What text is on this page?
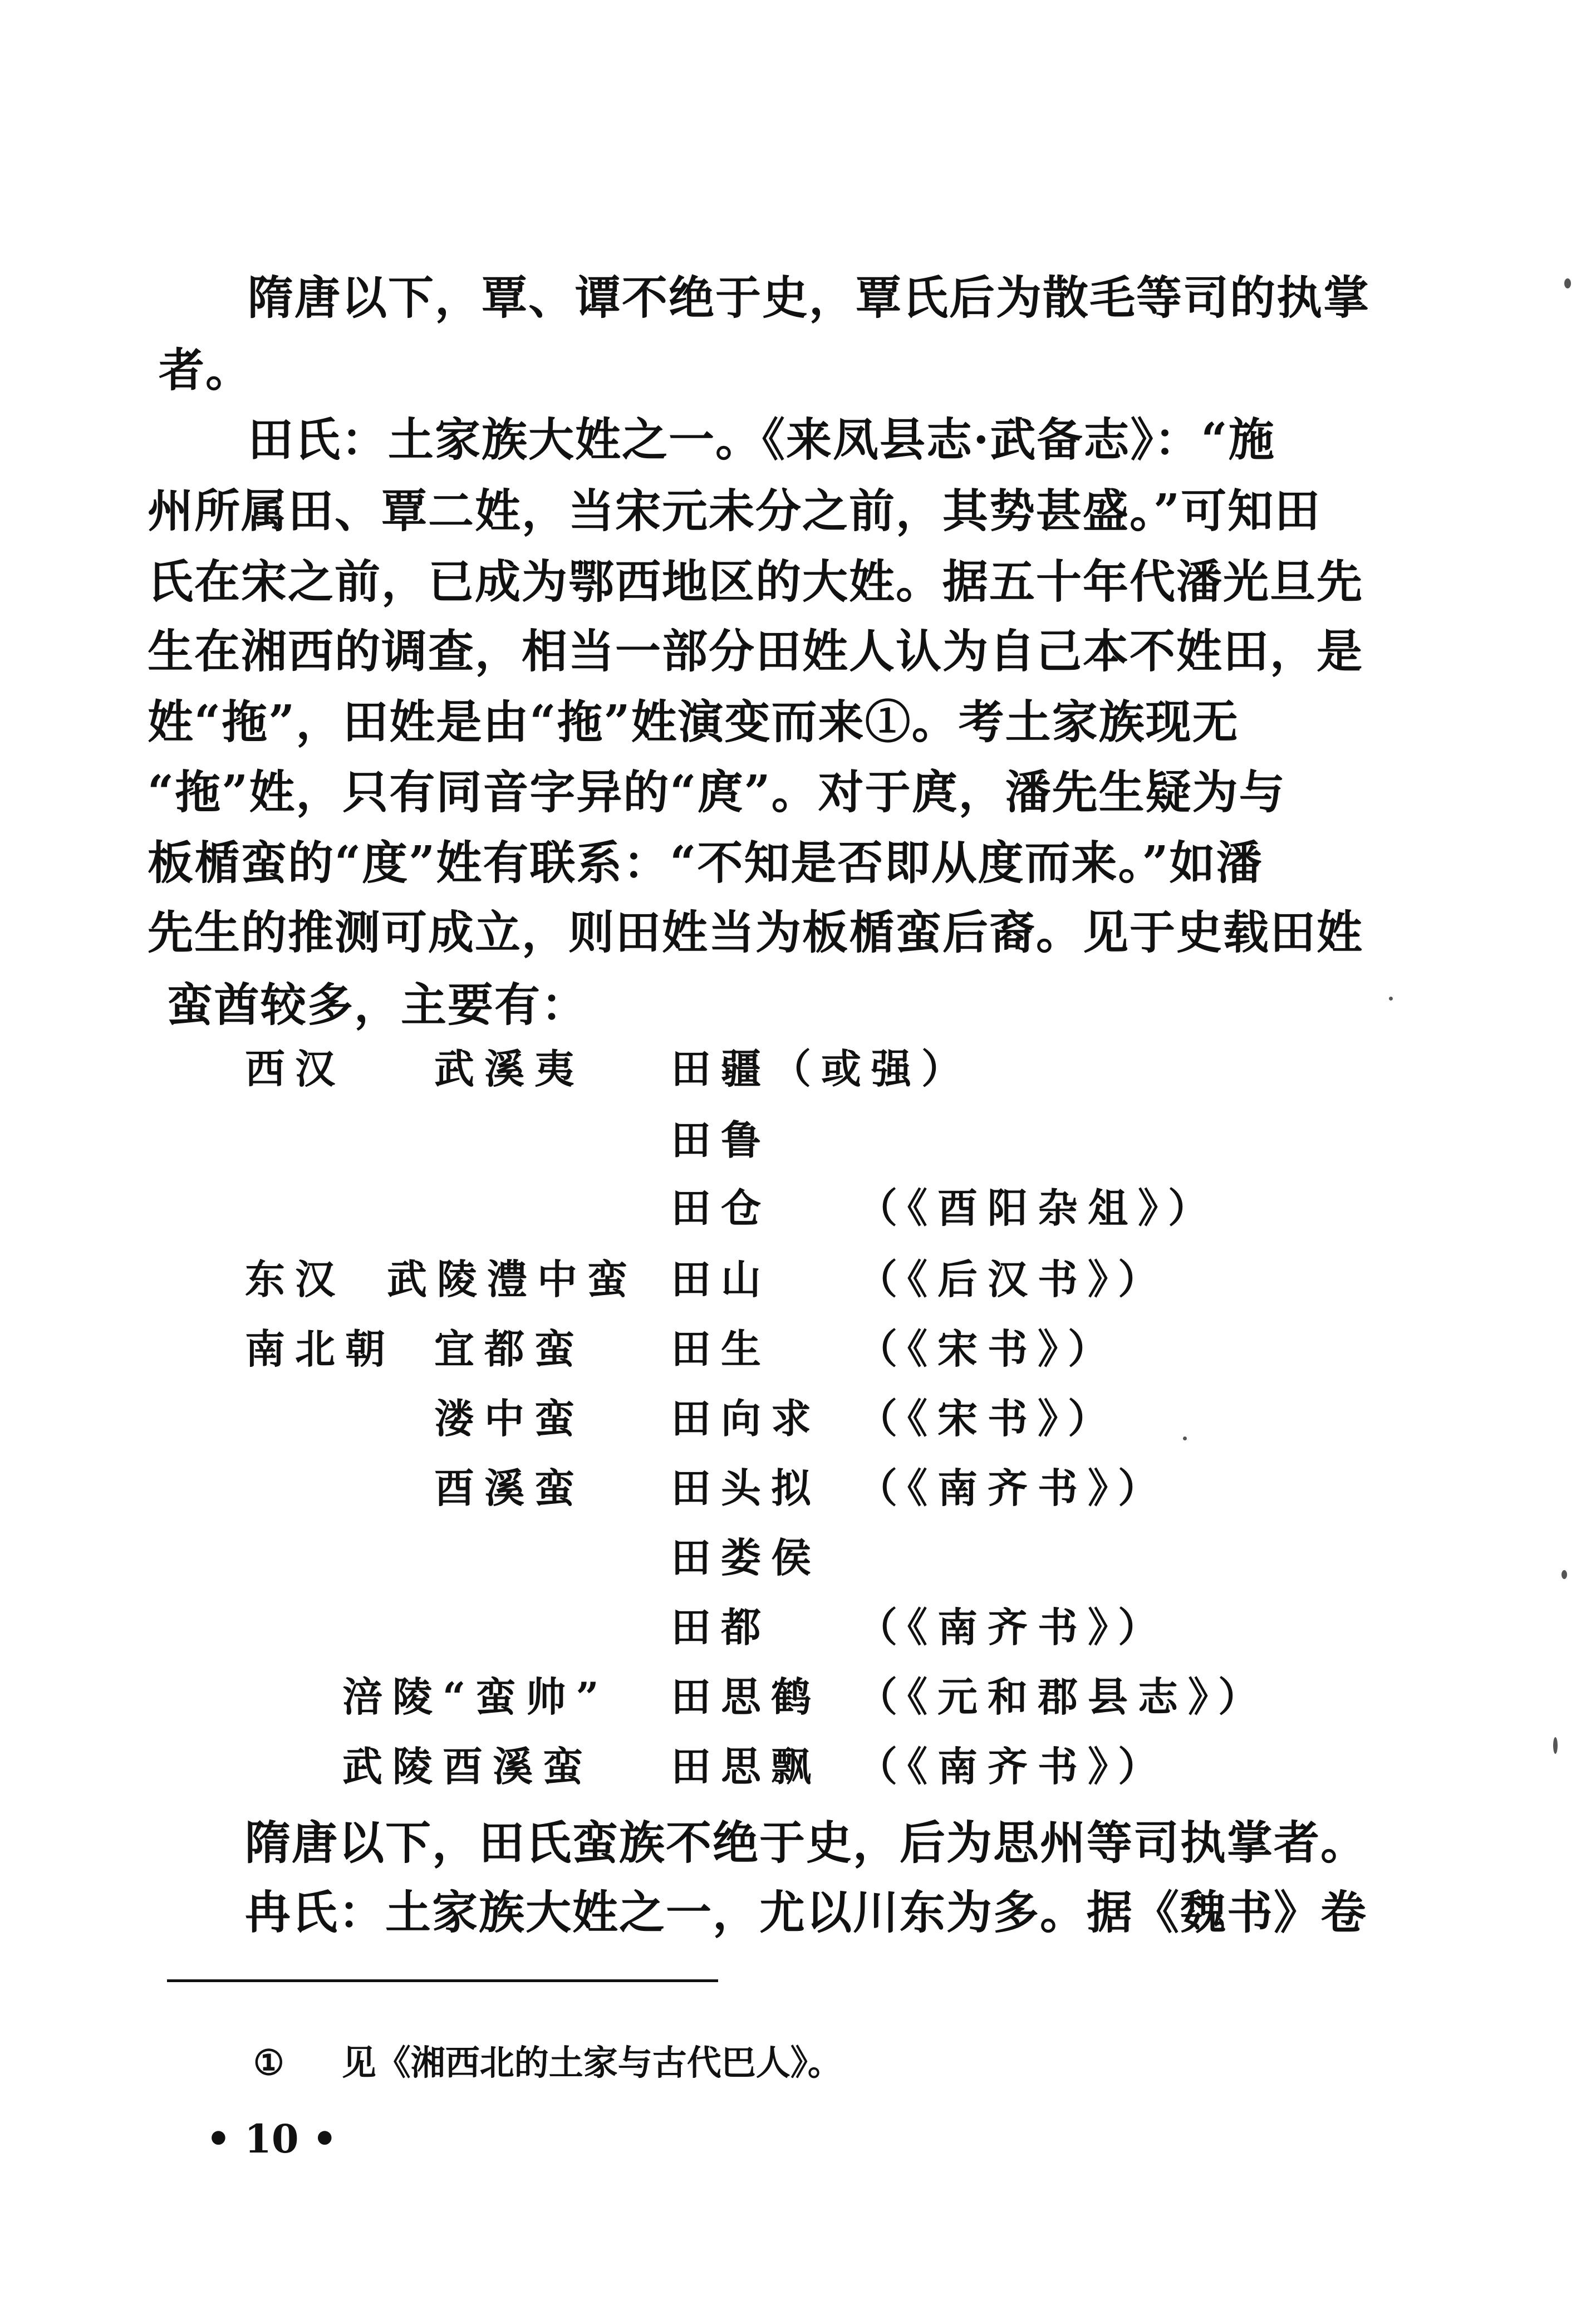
隋唐以下，覃、谭不绝于史，覃氏后为散毛等司的执掌
者。
田氏：土家族大姓之一。《来凤县志·武备志》：“施
州所属田、覃二姓，当宋元未分之前，其势甚盛。”可知田
氏在宋之前，已成为鄂西地区的大姓。据五十年代潘光旦先
生在湘西的调查，相当一部分田姓人认为自己本不姓田，是
姓“拖”，田姓是由“拖”姓演变而来①。考土家族现无
“拖”姓，只有同音字异的“庹”。对于庹，潘先生疑为与
板楯蛮的“度”姓有联系：“不知是否即从度而来。”如潘
先生的推测可成立，则田姓当为板楯蛮后裔。见于史载田姓
蛮酋较多，主要有：
西汉 武溪夷 田疆（或强）
田鲁
田仓 （《酉阳杂俎》）
东汉 武陵澧中蛮 田山 （《后汉书》）
南北朝 宜都蛮 田生 （《宋书》）
溇中蛮 田向求 （《宋书》）
酉溪蛮 田头拟 （《南齐书》）
田娄侯
田都 （《南齐书》）
涪陵“蛮帅” 田思鹤 （《元和郡县志》）
武陵酉溪蛮 田思飘 （《南齐书》）
隋唐以下，田氏蛮族不绝于史，后为思州等司执掌者。
冉氏：土家族大姓之一，尤以川东为多。据《魏书》卷
① 见《湘西北的土家与古代巴人》。
• 10 •
